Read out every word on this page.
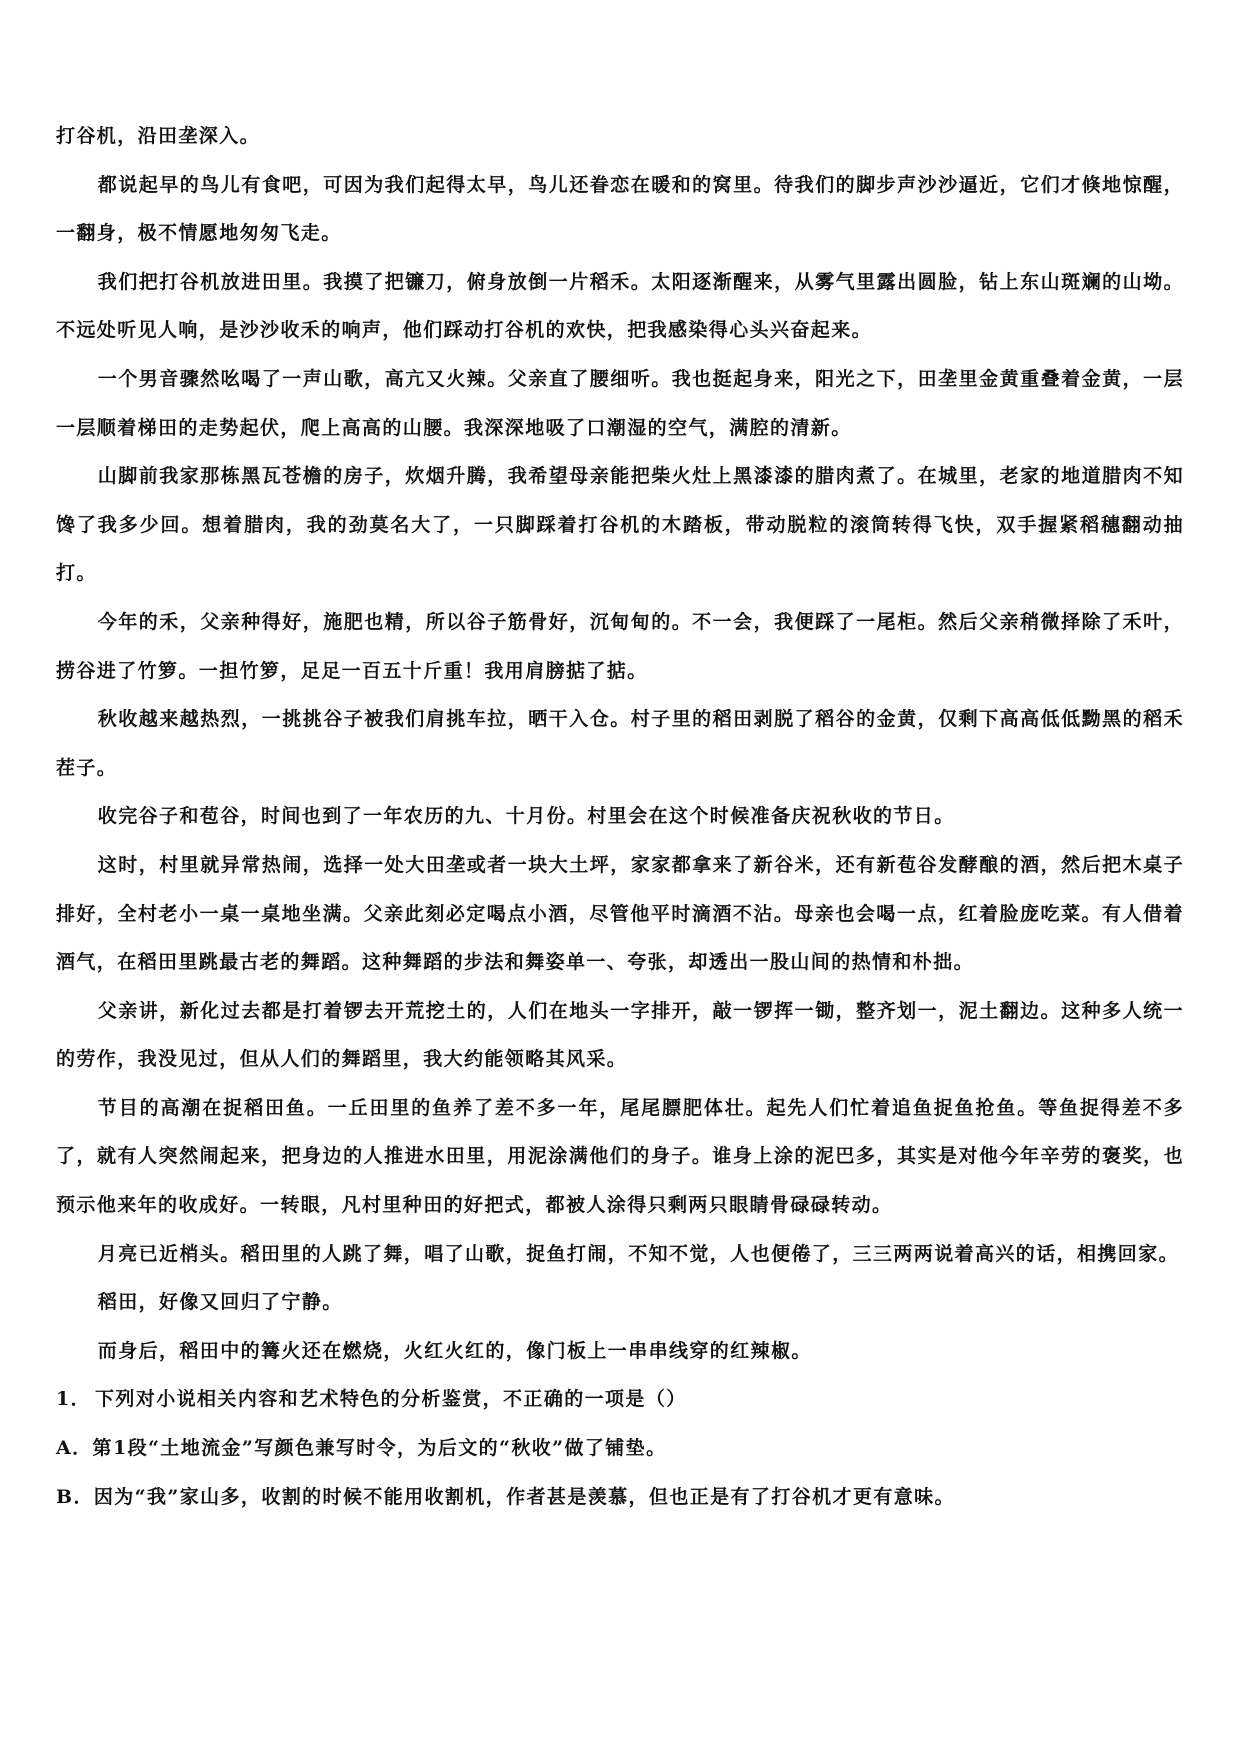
打谷机，沿田垄深入。

都说起早的鸟儿有食吧，可因为我们起得太早，鸟儿还眷恋在暖和的窝里。待我们的脚步声沙沙逼近，它们才倏地惊醒，一翻身，极不情愿地匆匆飞走。

我们把打谷机放进田里。我摸了把镰刀，俯身放倒一片稻禾。太阳逐渐醒来，从雾气里露出圆脸，钻上东山斑斓的山坳。不远处听见人响，是沙沙收禾的响声，他们踩动打谷机的欢快，把我感染得心头兴奋起来。

一个男音骤然吆喝了一声山歌，高亢又火辣。父亲直了腰细听。我也挺起身来，阳光之下，田垄里金黄重叠着金黄，一层一层顺着梯田的走势起伏，爬上高高的山腰。我深深地吸了口潮湿的空气，满腔的清新。

山脚前我家那栋黑瓦苍檐的房子，炊烟升腾，我希望母亲能把柴火灶上黑漆漆的腊肉煮了。在城里，老家的地道腊肉不知馋了我多少回。想着腊肉，我的劲莫名大了，一只脚踩着打谷机的木踏板，带动脱粒的滚筒转得飞快，双手握紧稻穗翻动抽打。

今年的禾，父亲种得好，施肥也精，所以谷子筋骨好，沉甸甸的。不一会，我便踩了一尾柜。然后父亲稍微择除了禾叶，捞谷进了竹箩。一担竹箩，足足一百五十斤重！我用肩膀掂了掂。

秋收越来越热烈，一挑挑谷子被我们肩挑车拉，晒干入仓。村子里的稻田剥脱了稻谷的金黄，仅剩下高高低低黝黑的稻禾茬子。

收完谷子和苞谷，时间也到了一年农历的九、十月份。村里会在这个时候准备庆祝秋收的节日。

这时，村里就异常热闹，选择一处大田垄或者一块大土坪，家家都拿来了新谷米，还有新苞谷发酵酿的酒，然后把木桌子排好，全村老小一桌一桌地坐满。父亲此刻必定喝点小酒，尽管他平时滴酒不沾。母亲也会喝一点，红着脸庞吃菜。有人借着酒气，在稻田里跳最古老的舞蹈。这种舞蹈的步法和舞姿单一、夸张，却透出一股山间的热情和朴拙。

父亲讲，新化过去都是打着锣去开荒挖土的，人们在地头一字排开，敲一锣挥一锄，整齐划一，泥土翻边。这种多人统一的劳作，我没见过，但从人们的舞蹈里，我大约能领略其风采。

节目的高潮在捉稻田鱼。一丘田里的鱼养了差不多一年，尾尾膘肥体壮。起先人们忙着追鱼捉鱼抢鱼。等鱼捉得差不多了，就有人突然闹起来，把身边的人推进水田里，用泥涂满他们的身子。谁身上涂的泥巴多，其实是对他今年辛劳的褒奖，也预示他来年的收成好。一转眼，凡村里种田的好把式，都被人涂得只剩两只眼睛骨碌碌转动。

月亮已近梢头。稻田里的人跳了舞，唱了山歌，捉鱼打闹，不知不觉，人也便倦了，三三两两说着高兴的话，相携回家。

稻田，好像又回归了宁静。

而身后，稻田中的篝火还在燃烧，火红火红的，像门板上一串串线穿的红辣椒。

1． 下列对小说相关内容和艺术特色的分析鉴赏，不正确的一项是（）

A．第1段“土地流金”写颜色兼写时令，为后文的“秋收”做了铺垫。

B．因为“我”家山多，收割的时候不能用收割机，作者甚是羡慕，但也正是有了打谷机才更有意味。
